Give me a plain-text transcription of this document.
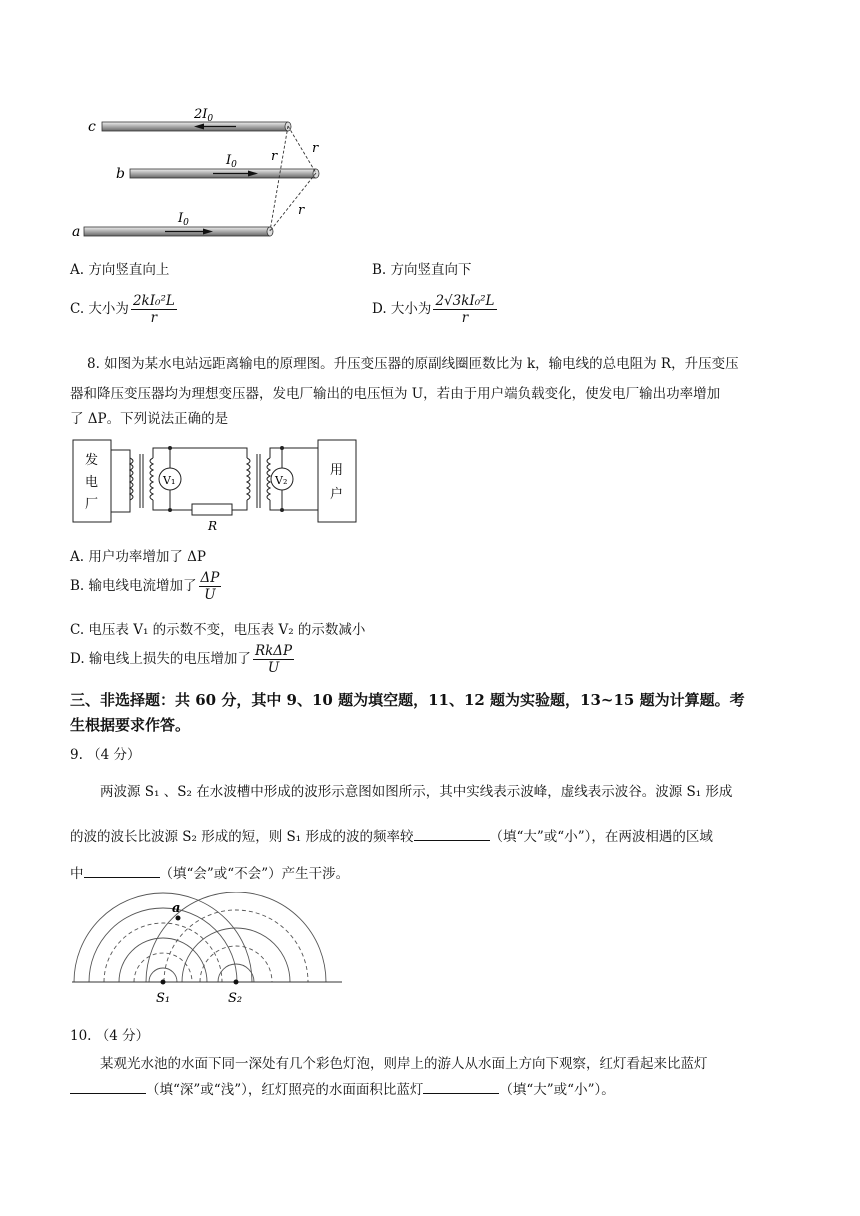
c
$2I_0$
b
$I_0$
a
$I_0$
r
r
r
A. 方向竖直向上	B. 方向竖直向下
C. 大小为 $\frac{\text{2kI₀²L}}{r}$	D. 大小为 $\frac{\text{2√3kI₀²L}}{r}$
8. 如图为某水电站远距离输电的原理图。升压变压器的原副线圈匝数比为 k，输电线的总电阻为 R，升压变压
器和降压变压器均为理想变压器，发电厂输出的电压恒为 U，若由于用户端负载变化，使发电厂输出功率增加
了 ΔP。下列说法正确的是
发
电
厂
用
户
V₁	V₂
R
A. 用户功率增加了 ΔP
B. 输电线电流增加了 $\frac{\Delta P}{U}$
C. 电压表 V₁ 的示数不变，电压表 V₂ 的示数减小
D. 输电线上损失的电压增加了 $\frac{\text{RkΔP}}{U}$
三、非选择题：共 60 分，其中 9、10 题为填空题，11、12 题为实验题，13~15 题为计算题。考
生根据要求作答。
9. （4 分）
两波源 S₁ 、S₂ 在水波槽中形成的波形示意图如图所示，其中实线表示波峰，虚线表示波谷。波源 S₁ 形成
的波的波长比波源 S₂ 形成的短，则 S₁ 形成的波的频率较	（填“大”或“小”），在两波相遇的区域
中	（填“会”或“不会”）产生干涉。
a
S₁	S₂
10. （4 分）
某观光水池的水面下同一深处有几个彩色灯泡，则岸上的游人从水面上方向下观察，红灯看起来比蓝灯
（填“深”或“浅”），红灯照亮的水面面积比蓝灯	（填“大”或“小”）。
